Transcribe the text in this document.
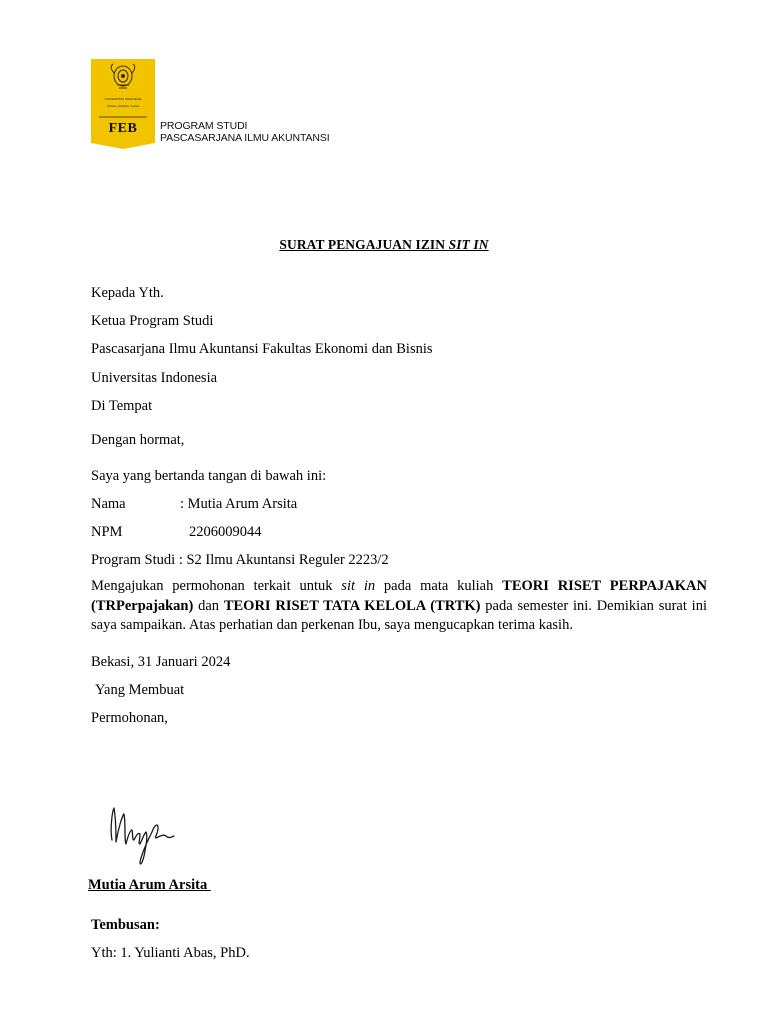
UNIVERSITAS INDONESIA
Veritas, Probitas, Iustitia
FEB	PROGRAM STUDI
PASCASARJANA ILMU AKUNTANSI
SURAT PENGAJUAN IZIN SIT IN
Kepada Yth.
Ketua Program Studi
Pascasarjana Ilmu Akuntansi Fakultas Ekonomi dan Bisnis
Universitas Indonesia
Di Tempat
Dengan hormat,
Saya yang bertanda tangan di bawah ini:
Nama	: Mutia Arum Arsita
NPM	2206009044
Program Studi : S2 Ilmu Akuntansi Reguler 2223/2
Mengajukan permohonan terkait untuk sit in pada mata kuliah TEORI RISET PERPAJAKAN (TRPerpajakan) dan TEORI RISET TATA KELOLA (TRTK) pada semester ini. Demikian surat ini saya sampaikan. Atas perhatian dan perkenan Ibu, saya mengucapkan terima kasih.
Bekasi, 31 Januari 2024
Yang Membuat
Permohonan,
Mutia Arum Arsita
Tembusan:
Yth: 1. Yulianti Abas, PhD.
